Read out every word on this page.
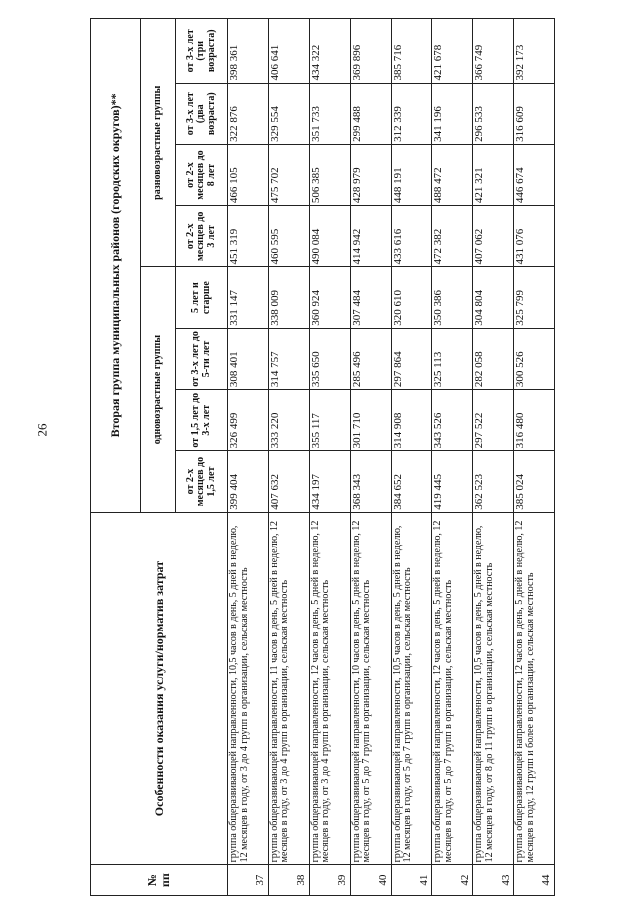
26
№ пп	Особенности оказания услуги/норматив затрат	Вторая группа муниципальных районов (городских округов)**							
		одновозрастные группы				разновозрастные группы			
		от 2-х месяцев до 1,5 лет	от 1,5 лет до 3-х лет	от 3-х лет до 5-ти лет	5 лет и старше	от 2-х месяцев до 3 лет	от 2-х месяцев до 8 лет	от 3-х лет (два возраста)	от 3-х лет (три возраста)
37	группа общеразвивающей направленности, 10,5 часов в день, 5 дней в неделю, 12 месяцев в году, от 3 до 4 групп в организации, сельская местность	399 404	326 499	308 401	331 147	451 319	466 105	322 876	398 361
38	группа общеразвивающей направленности, 11 часов в день, 5 дней в неделю, 12 месяцев в году, от 3 до 4 групп в организации, сельская местность	407 632	333 220	314 757	338 009	460 595	475 702	329 554	406 641
39	группа общеразвивающей направленности, 12 часов в день, 5 дней в неделю, 12 месяцев в году, от 3 до 4 групп в организации, сельская местность	434 197	355 117	335 650	360 924	490 084	506 385	351 733	434 322
40	группа общеразвивающей направленности, 10 часов в день, 5 дней в неделю, 12 месяцев в году, от 5 до 7 групп в организации, сельская местность	368 343	301 710	285 496	307 484	414 942	428 979	299 488	369 896
41	группа общеразвивающей направленности, 10,5 часов в день, 5 дней в неделю, 12 месяцев в году, от 5 до 7 групп в организации, сельская местность	384 652	314 908	297 864	320 610	433 616	448 191	312 339	385 716
42	группа общеразвивающей направленности, 12 часов в день, 5 дней в неделю, 12 месяцев в году, от 5 до 7 групп в организации, сельская местность	419 445	343 526	325 113	350 386	472 382	488 472	341 196	421 678
43	группа общеразвивающей направленности, 10,5 часов в день, 5 дней в неделю, 12 месяцев в году, от 8 до 11 групп в организации, сельская местность	362 523	297 522	282 058	304 804	407 062	421 321	296 533	366 749
44	группа общеразвивающей направленности, 12 часов в день, 5 дней в неделю, 12 месяцев в году, 12 групп и более в организации, сельская местность	385 024	316 480	300 526	325 799	431 076	446 674	316 609	392 173
